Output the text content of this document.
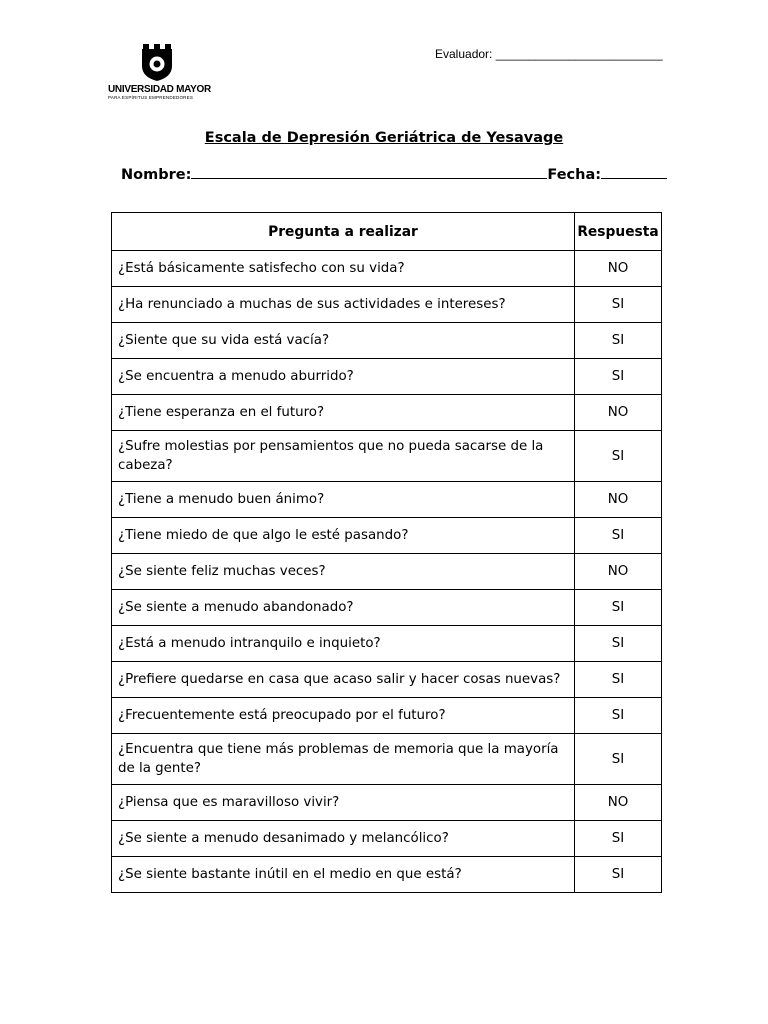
UNIVERSIDAD MAYOR
PARA ESPÍRITUS EMPRENDEDORES
Evaluador: _________________________
Escala de Depresión Geriátrica de Yesavage
Nombre:	Fecha:
Pregunta a realizar	Respuesta
¿Está básicamente satisfecho con su vida?	NO
¿Ha renunciado a muchas de sus actividades e intereses?	SI
¿Siente que su vida está vacía?	SI
¿Se encuentra a menudo aburrido?	SI
¿Tiene esperanza en el futuro?	NO
¿Sufre molestias por pensamientos que no pueda sacarse de la cabeza?	SI
¿Tiene a menudo buen ánimo?	NO
¿Tiene miedo de que algo le esté pasando?	SI
¿Se siente feliz muchas veces?	NO
¿Se siente a menudo abandonado?	SI
¿Está a menudo intranquilo e inquieto?	SI
¿Prefiere quedarse en casa que acaso salir y hacer cosas nuevas?	SI
¿Frecuentemente está preocupado por el futuro?	SI
¿Encuentra que tiene más problemas de memoria que la mayoría de la gente?	SI
¿Piensa que es maravilloso vivir?	NO
¿Se siente a menudo desanimado y melancólico?	SI
¿Se siente bastante inútil en el medio en que está?	SI
